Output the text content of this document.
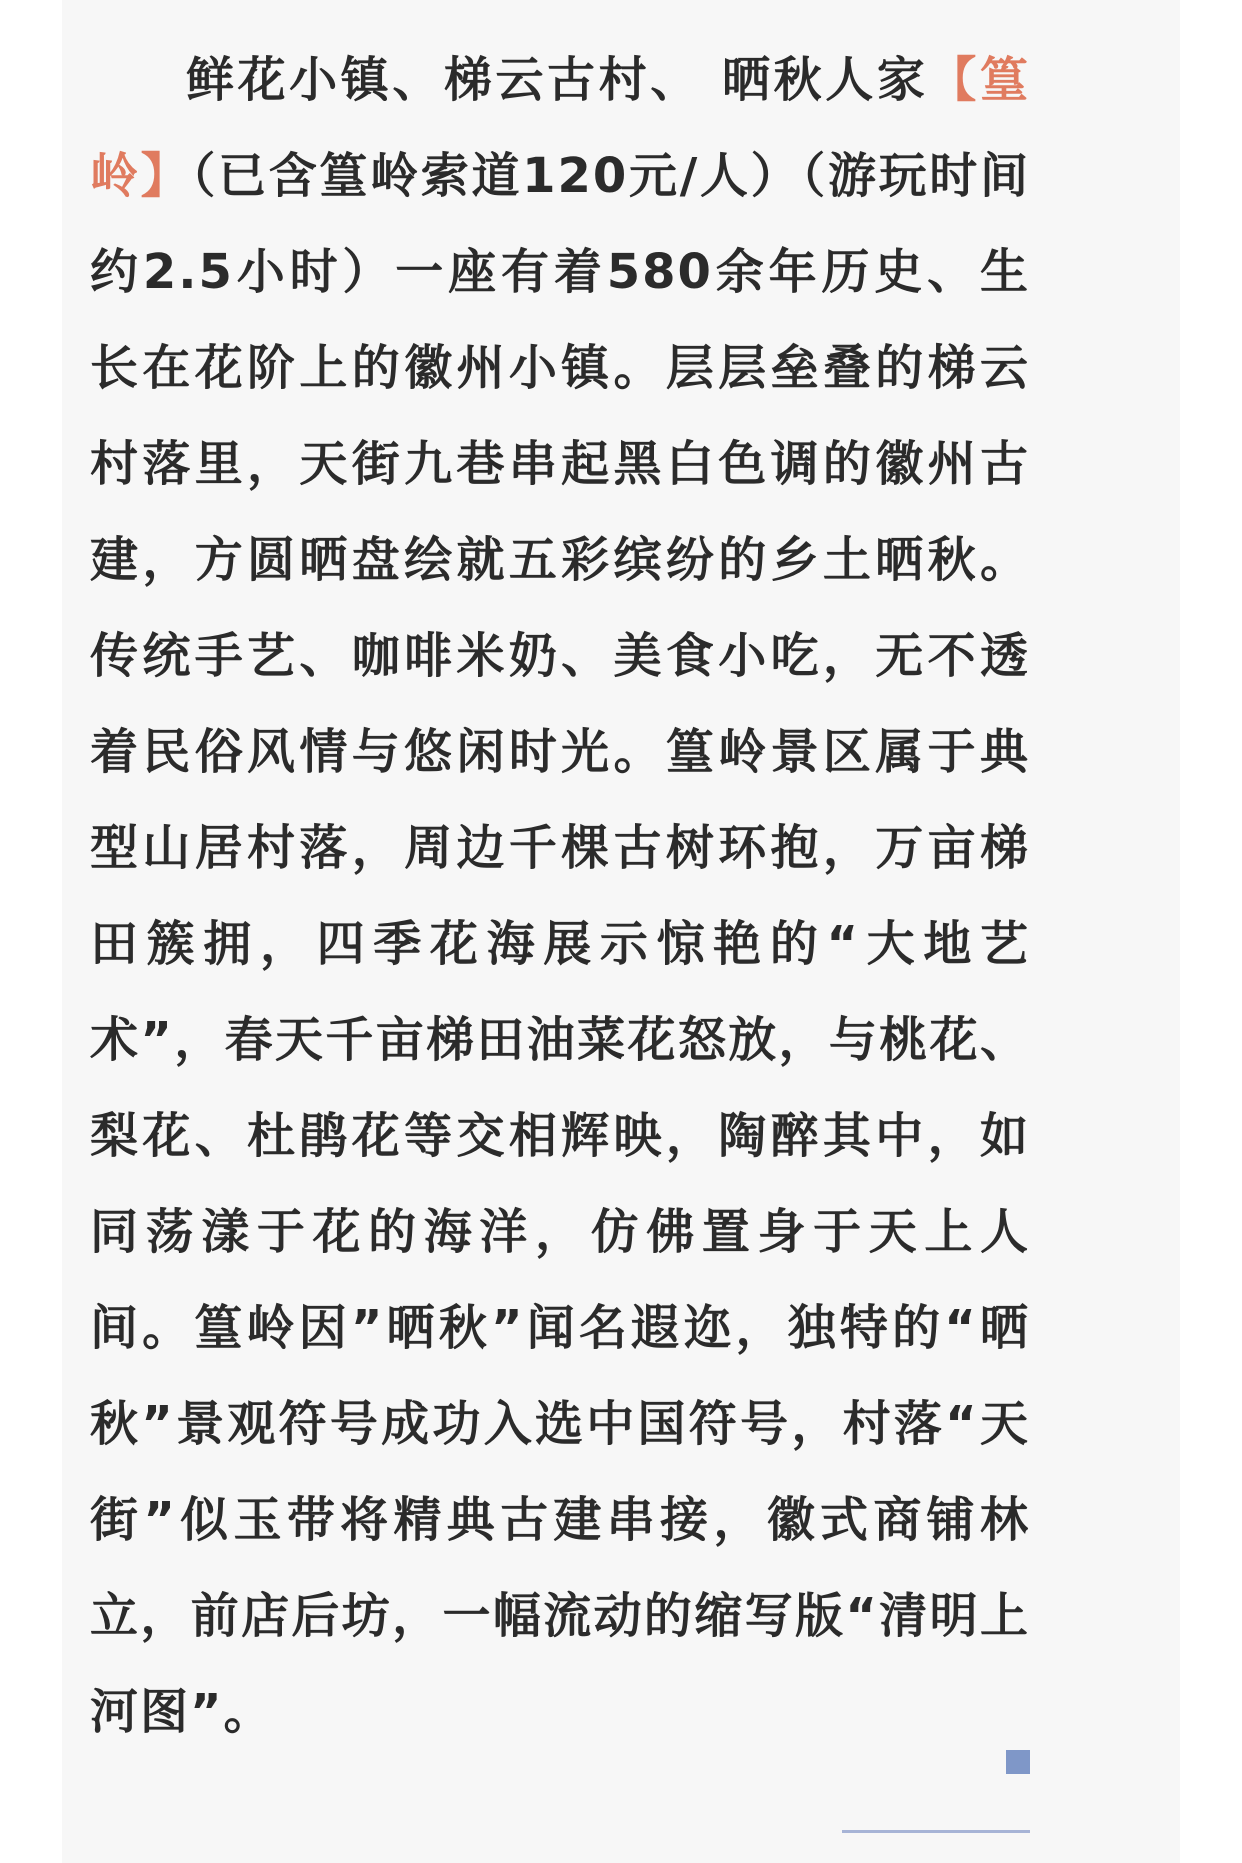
鲜花小镇、梯云古村、 晒秋人家【篁岭】（已含篁岭索道120元/人）（游玩时间约2.5小时）一座有着580余年历史、生长在花阶上的徽州小镇。层层垒叠的梯云村落里，天街九巷串起黑白色调的徽州古建，方圆晒盘绘就五彩缤纷的乡土晒秋。传统手艺、咖啡米奶、美食小吃，无不透着民俗风情与悠闲时光。篁岭景区属于典型山居村落，周边千棵古树环抱，万亩梯田簇拥，四季花海展示惊艳的“大地艺术”，春天千亩梯田油菜花怒放，与桃花、梨花、杜鹃花等交相辉映，陶醉其中，如同荡漾于花的海洋，仿佛置身于天上人间。篁岭因”晒秋”闻名遐迩，独特的“晒秋”景观符号成功入选中国符号，村落“天街”似玉带将精典古建串接，徽式商铺林立，前店后坊，一幅流动的缩写版“清明上河图”。
